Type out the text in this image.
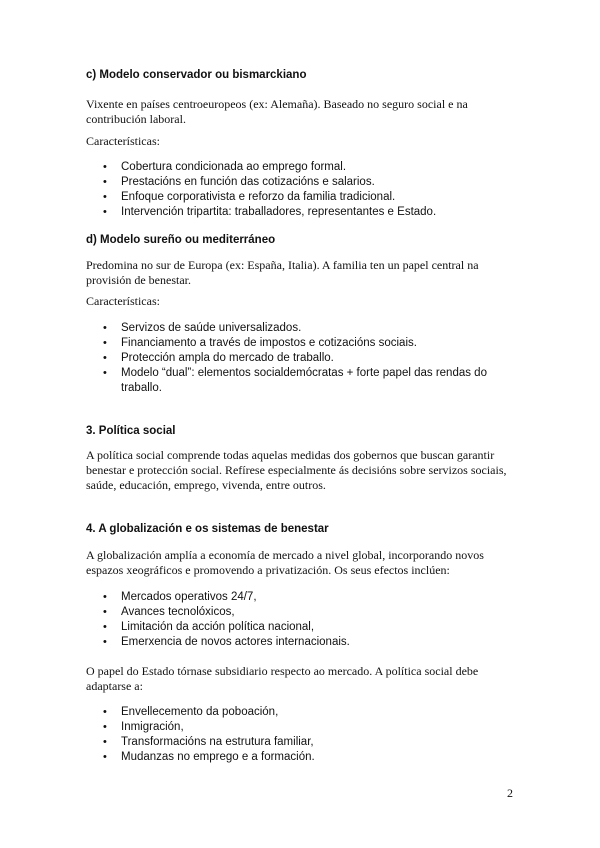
c) Modelo conservador ou bismarckiano
Vixente en países centroeuropeos (ex: Alemaña). Baseado no seguro social e na contribución laboral.
Características:
• Cobertura condicionada ao emprego formal.
• Prestacións en función das cotizacións e salarios.
• Enfoque corporativista e reforzo da familia tradicional.
• Intervención tripartita: traballadores, representantes e Estado.
d) Modelo sureño ou mediterráneo
Predomina no sur de Europa (ex: España, Italia). A familia ten un papel central na provisión de benestar.
Características:
• Servizos de saúde universalizados.
• Financiamento a través de impostos e cotizacións sociais.
• Protección ampla do mercado de traballo.
• Modelo “dual”: elementos socialdemócratas + forte papel das rendas do traballo.
3. Política social
A política social comprende todas aquelas medidas dos gobernos que buscan garantir benestar e protección social. Refírese especialmente ás decisións sobre servizos sociais, saúde, educación, emprego, vivenda, entre outros.
4. A globalización e os sistemas de benestar
A globalización amplía a economía de mercado a nivel global, incorporando novos espazos xeográficos e promovendo a privatización. Os seus efectos inclúen:
• Mercados operativos 24/7,
• Avances tecnolóxicos,
• Limitación da acción política nacional,
• Emerxencia de novos actores internacionais.
O papel do Estado tórnase subsidiario respecto ao mercado. A política social debe adaptarse a:
• Envellecemento da poboación,
• Inmigración,
• Transformacións na estrutura familiar,
• Mudanzas no emprego e a formación.
2
